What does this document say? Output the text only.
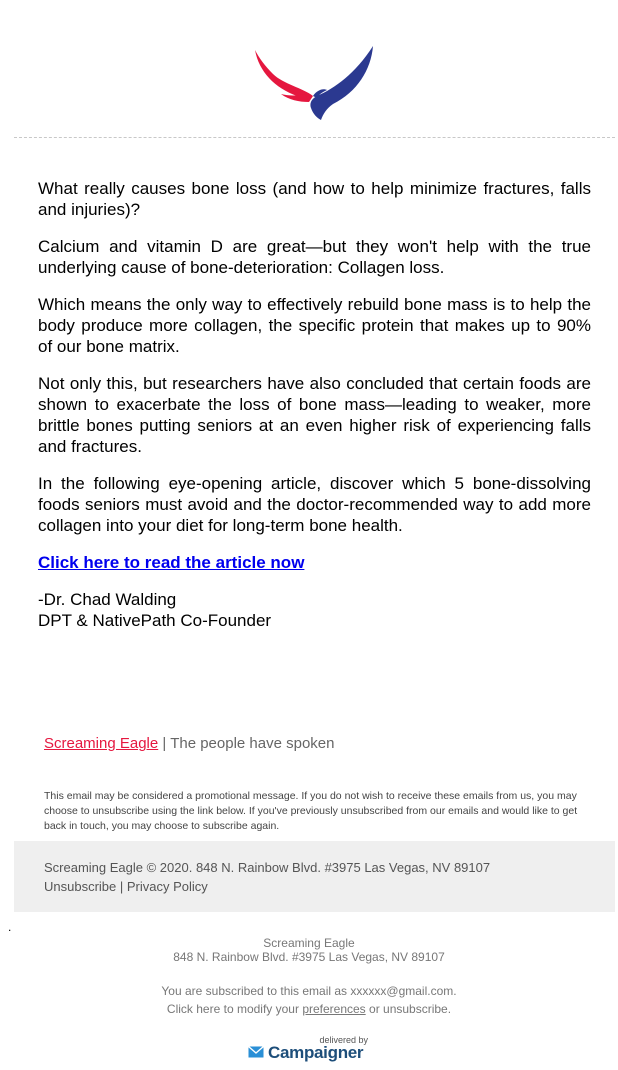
What really causes bone loss (and how to help minimize fractures, falls and injuries)?

Calcium and vitamin D are great—but they won't help with the true underlying cause of bone-deterioration: Collagen loss.

Which means the only way to effectively rebuild bone mass is to help the body produce more collagen, the specific protein that makes up to 90% of our bone matrix.

Not only this, but researchers have also concluded that certain foods are shown to exacerbate the loss of bone mass—leading to weaker, more brittle bones putting seniors at an even higher risk of experiencing falls and fractures.

In the following eye-opening article, discover which 5 bone-dissolving foods seniors must avoid and the doctor-recommended way to add more collagen into your diet for long-term bone health.

Click here to read the article now

-Dr. Chad Walding
DPT & NativePath Co-Founder
Screaming Eagle | The people have spoken
This email may be considered a promotional message. If you do not wish to receive these emails from us, you may choose to unsubscribe using the link below. If you've previously unsubscribed from our emails and would like to get back in touch, you may choose to subscribe again.
Screaming Eagle © 2020. 848 N. Rainbow Blvd. #3975 Las Vegas, NV 89107
Unsubscribe | Privacy Policy
.
Screaming Eagle
848 N. Rainbow Blvd. #3975 Las Vegas, NV 89107
You are subscribed to this email as xxxxxx@gmail.com.
Click here to modify your preferences or unsubscribe.
delivered by
Campaigner
